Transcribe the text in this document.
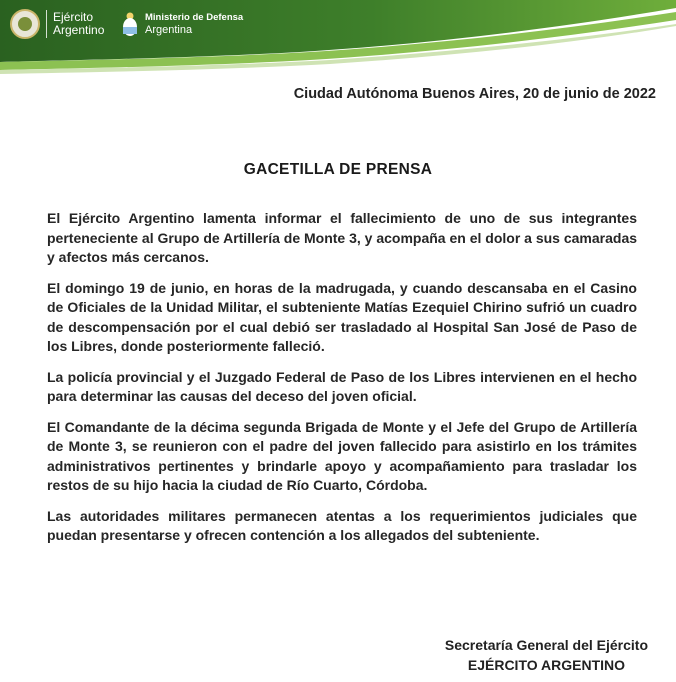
Ejército
Argentino
Ministerio de Defensa
Argentina
Ciudad Autónoma Buenos Aires, 20 de junio de 2022
GACETILLA DE PRENSA

El Ejército Argentino lamenta informar el fallecimiento de uno de sus integrantes perteneciente al Grupo de Artillería de Monte 3, y acompaña en el dolor a sus camaradas y afectos más cercanos.

El domingo 19 de junio, en horas de la madrugada, y cuando descansaba en el Casino de Oficiales de la Unidad Militar, el subteniente Matías Ezequiel Chirino sufrió un cuadro de descompensación por el cual debió ser trasladado al Hospital San José de Paso de los Libres, donde posteriormente falleció.

La policía provincial y el Juzgado Federal de Paso de los Libres intervienen en el hecho para determinar las causas del deceso del joven oficial.

El Comandante de la décima segunda Brigada de Monte y el Jefe del Grupo de Artillería de Monte 3, se reunieron con el padre del joven fallecido para asistirlo en los trámites administrativos pertinentes y brindarle apoyo y acompañamiento para trasladar los restos de su hijo hacia la ciudad de Río Cuarto, Córdoba.

Las autoridades militares permanecen atentas a los requerimientos judiciales que puedan presentarse y ofrecen contención a los allegados del subteniente.

Secretaría General del Ejército
EJÉRCITO ARGENTINO
